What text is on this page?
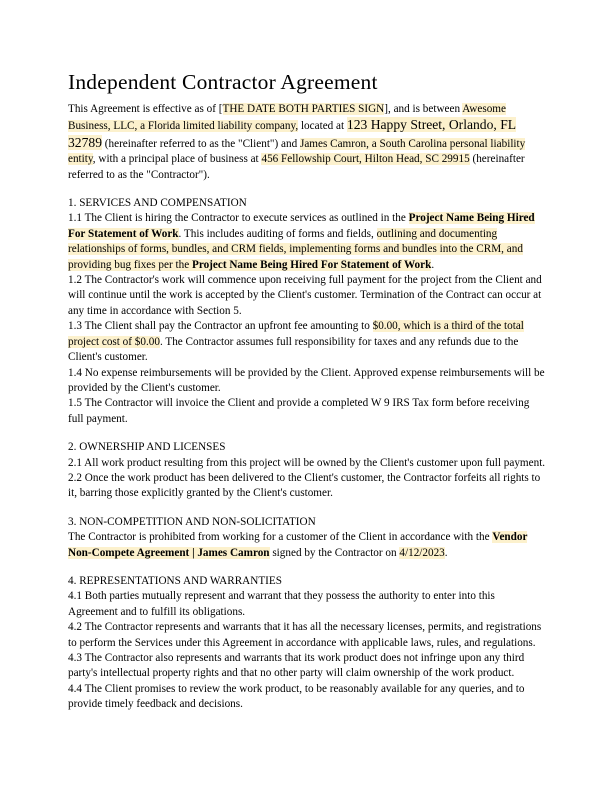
Independent Contractor Agreement

This Agreement is effective as of [THE DATE BOTH PARTIES SIGN], and is between Awesome Business, LLC, a Florida limited liability company, located at 123 Happy Street, Orlando, FL 32789 (hereinafter referred to as the "Client") and James Camron, a South Carolina personal liability entity, with a principal place of business at 456 Fellowship Court, Hilton Head, SC 29915 (hereinafter referred to as the "Contractor").

1. SERVICES AND COMPENSATION

1.1 The Client is hiring the Contractor to execute services as outlined in the Project Name Being Hired For Statement of Work. This includes auditing of forms and fields, outlining and documenting relationships of forms, bundles, and CRM fields, implementing forms and bundles into the CRM, and providing bug fixes per the Project Name Being Hired For Statement of Work.

1.2 The Contractor's work will commence upon receiving full payment for the project from the Client and will continue until the work is accepted by the Client's customer. Termination of the Contract can occur at any time in accordance with Section 5.

1.3 The Client shall pay the Contractor an upfront fee amounting to $0.00, which is a third of the total project cost of $0.00. The Contractor assumes full responsibility for taxes and any refunds due to the Client's customer.

1.4 No expense reimbursements will be provided by the Client. Approved expense reimbursements will be provided by the Client's customer.

1.5 The Contractor will invoice the Client and provide a completed W 9 IRS Tax form before receiving full payment.

2. OWNERSHIP AND LICENSES

2.1 All work product resulting from this project will be owned by the Client's customer upon full payment.

2.2 Once the work product has been delivered to the Client's customer, the Contractor forfeits all rights to it, barring those explicitly granted by the Client's customer.

3. NON-COMPETITION AND NON-SOLICITATION

The Contractor is prohibited from working for a customer of the Client in accordance with the Vendor Non-Compete Agreement | James Camron signed by the Contractor on 4/12/2023.

4. REPRESENTATIONS AND WARRANTIES

4.1 Both parties mutually represent and warrant that they possess the authority to enter into this Agreement and to fulfill its obligations.

4.2 The Contractor represents and warrants that it has all the necessary licenses, permits, and registrations to perform the Services under this Agreement in accordance with applicable laws, rules, and regulations.

4.3 The Contractor also represents and warrants that its work product does not infringe upon any third party's intellectual property rights and that no other party will claim ownership of the work product.

4.4 The Client promises to review the work product, to be reasonably available for any queries, and to provide timely feedback and decisions.
